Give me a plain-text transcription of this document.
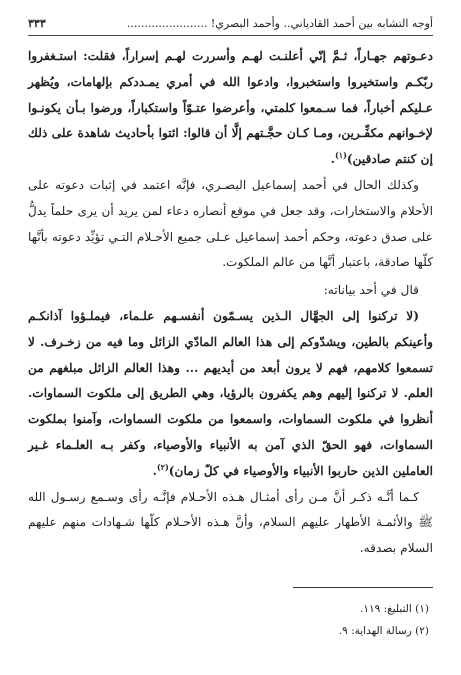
أوجه التشابه بين أحمد القادياني.. وأحمد البصري! .......................
٣٣٣

دعـوتهم جهـاراً، ثـمَّ إنّي أعلنـت لهـم وأسررت لهـم إسراراً، فقلت: استـغفروا ربّكـم واستخيروا واستخبروا، وادعوا الله في أمري يمـددكم بإلهامات، ويُظهر عـليكم أخباراً، فما سـمعوا كلمتي، وأعرضوا عتـوّاً واستكباراً، ورضوا بـأن يكونـوا لإخـوانهم مكفِّـرين، ومـا كـان حجَّـتهم إلَّا أن قالوا: ائتوا بأحاديث شاهدة على ذلك إن كنتم صادقين)$^{(١)}$.

وكذلك الحال في أحمد إسماعيل البصـري، فإنَّه اعتمد في إثبات دعوته على الأحلام والاستخارات، وقد جعل في موقع أنصاره دعاء لمن يريد أن يرى حلماً يدلُّ على صدق دعوته، وحكم أحمد إسماعيل عـلى جميع الأحـلام التـي تؤيِّد دعوته بأنَّها كلّها صادقة، باعتبار أنَّها من عالم الملكوت.

قال في أحد بياناته:

(لا تركنوا إلى الجهَّال الـذين يسـمّون أنفسـهم علـماء، فيملـؤوا آذانكـم وأعينكم بالطين، ويشدّوكم إلى هذا العالم المادّي الزائل وما فيه من زخـرف. لا تسمعوا كلامهم، فهم لا يرون أبعد من أيديهم ... وهذا العالم الزائل مبلغهم من العلم. لا تركنوا إليهم وهم يكفرون بالرؤيا، وهي الطريق إلى ملكوت السماوات. أنظروا في ملكوت السماوات، واسمعوا من ملكوت السماوات، وآمنوا بملكوت السماوات، فهو الحقّ الذي آمن به الأنبياء والأوصياء، وكفر بـه العلـماء غـير العاملين الذين حاربوا الأنبياء والأوصياء في كلّ زمان)$^{(٢)}$.

كـما أنَّـه ذكـر أنَّ مـن رأى أمثـال هـذه الأحـلام فإنَّـه رأى وسـمع رسـول الله ﷺ والأئمـة الأطهار عليهم السلام، وأنَّ هـذه الأحـلام كلّها شـهادات منهم عليهم السلام بصدقه.

(١) التبليغ: ١١٩.
(٢) رسالة الهداية: ٩.
